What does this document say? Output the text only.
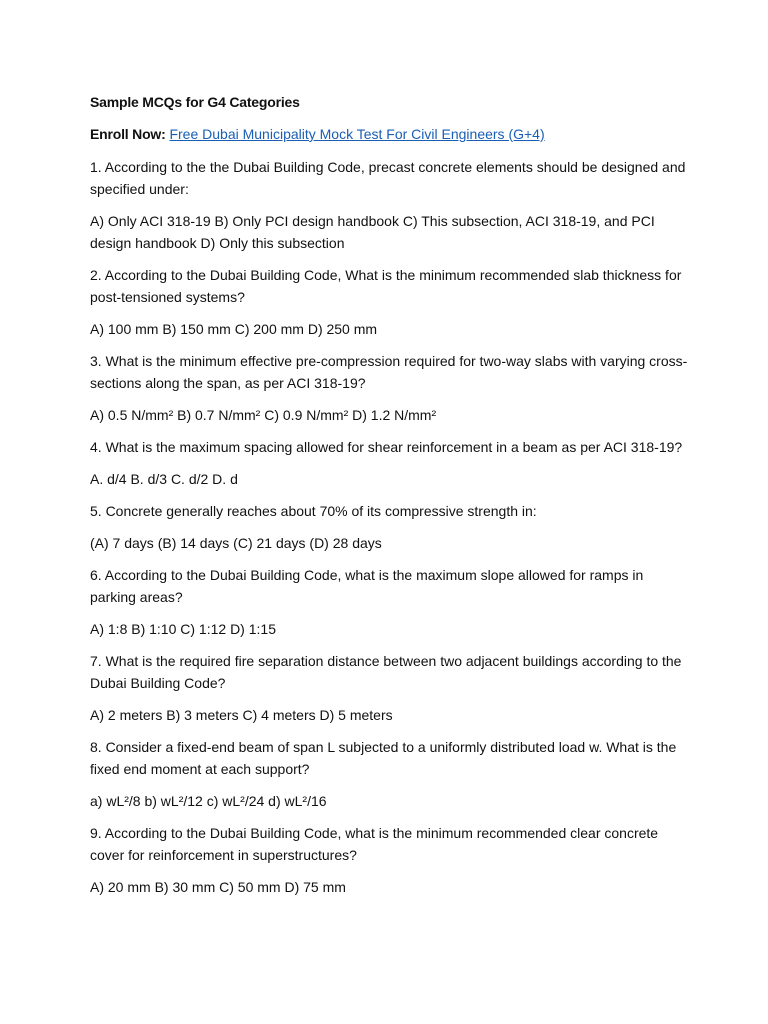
Sample MCQs for G4 Categories
Enroll Now: Free Dubai Municipality Mock Test For Civil Engineers (G+4)
1. According to the the Dubai Building Code, precast concrete elements should be designed and specified under:
A) Only ACI 318-19 B) Only PCI design handbook C) This subsection, ACI 318-19, and PCI design handbook D) Only this subsection
2. According to the Dubai Building Code, What is the minimum recommended slab thickness for post-tensioned systems?
A) 100 mm B) 150 mm C) 200 mm D) 250 mm
3. What is the minimum effective pre-compression required for two-way slabs with varying cross-sections along the span, as per ACI 318-19?
A) 0.5 N/mm² B) 0.7 N/mm² C) 0.9 N/mm² D) 1.2 N/mm²
4. What is the maximum spacing allowed for shear reinforcement in a beam as per ACI 318-19?
A. d/4 B. d/3 C. d/2 D. d
5. Concrete generally reaches about 70% of its compressive strength in:
(A) 7 days (B) 14 days (C) 21 days (D) 28 days
6. According to the Dubai Building Code, what is the maximum slope allowed for ramps in parking areas?
A) 1:8 B) 1:10 C) 1:12 D) 1:15
7. What is the required fire separation distance between two adjacent buildings according to the Dubai Building Code?
A) 2 meters B) 3 meters C) 4 meters D) 5 meters
8. Consider a fixed-end beam of span L subjected to a uniformly distributed load w. What is the fixed end moment at each support?
a) wL²/8 b) wL²/12 c) wL²/24 d) wL²/16
9. According to the Dubai Building Code, what is the minimum recommended clear concrete cover for reinforcement in superstructures?
A) 20 mm B) 30 mm C) 50 mm D) 75 mm
